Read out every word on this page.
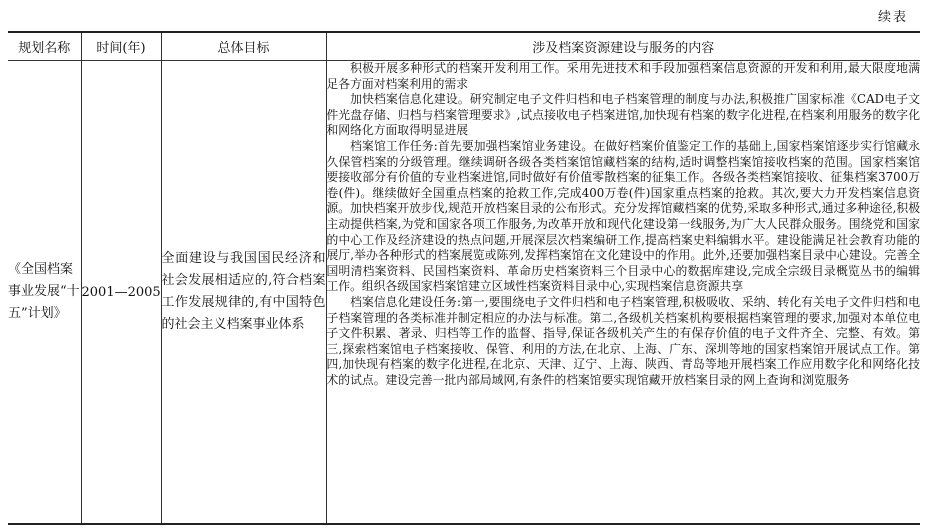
续表
规划名称	时间(年)	总体目标	涉及档案资源建设与服务的内容
《全国档案事业发展“十五”计划》	2001—2005	全面建设与我国国民经济和社会发展相适应的,符合档案工作发展规律的,有中国特色的社会主义档案事业体系	积极开展多种形式的档案开发利用工作。采用先进技术和手段加强档案信息资源的开发和利用,最大限度地满足各方面对档案利用的需求

加快档案信息化建设。研究制定电子文件归档和电子档案管理的制度与办法,积极推广国家标准《CAD电子文件光盘存储、归档与档案管理要求》,试点接收电子档案进馆,加快现有档案的数字化进程,在档案利用服务的数字化和网络化方面取得明显进展

档案馆工作任务:首先要加强档案馆业务建设。在做好档案价值鉴定工作的基础上,国家档案馆逐步实行馆藏永久保管档案的分级管理。继续调研各级各类档案馆馆藏档案的结构,适时调整档案馆接收档案的范围。国家档案馆要接收部分有价值的专业档案进馆,同时做好有价值零散档案的征集工作。各级各类档案馆接收、征集档案3700万卷(件)。继续做好全国重点档案的抢救工作,完成400万卷(件)国家重点档案的抢救。其次,要大力开发档案信息资源。加快档案开放步伐,规范开放档案目录的公布形式。充分发挥馆藏档案的优势,采取多种形式,通过多种途径,积极主动提供档案,为党和国家各项工作服务,为改革开放和现代化建设第一线服务,为广大人民群众服务。围绕党和国家的中心工作及经济建设的热点问题,开展深层次档案编研工作,提高档案史料编辑水平。建设能满足社会教育功能的展厅,举办各种形式的档案展览或陈列,发挥档案馆在文化建设中的作用。此外,还要加强档案目录中心建设。完善全国明清档案资料、民国档案资料、革命历史档案资料三个目录中心的数据库建设,完成全宗级目录概览丛书的编辑工作。组织各级国家档案馆建立区域性档案资料目录中心,实现档案信息资源共享

档案信息化建设任务:第一,要围绕电子文件归档和电子档案管理,积极吸收、采纳、转化有关电子文件归档和电子档案管理的各类标准并制定相应的办法与标准。第二,各级机关档案机构要根据档案管理的要求,加强对本单位电子文件积累、著录、归档等工作的监督、指导,保证各级机关产生的有保存价值的电子文件齐全、完整、有效。第三,探索档案馆电子档案接收、保管、利用的方法,在北京、上海、广东、深圳等地的国家档案馆开展试点工作。第四,加快现有档案的数字化进程,在北京、天津、辽宁、上海、陕西、青岛等地开展档案工作应用数字化和网络化技术的试点。建设完善一批内部局域网,有条件的档案馆要实现馆藏开放档案目录的网上查询和浏览服务
